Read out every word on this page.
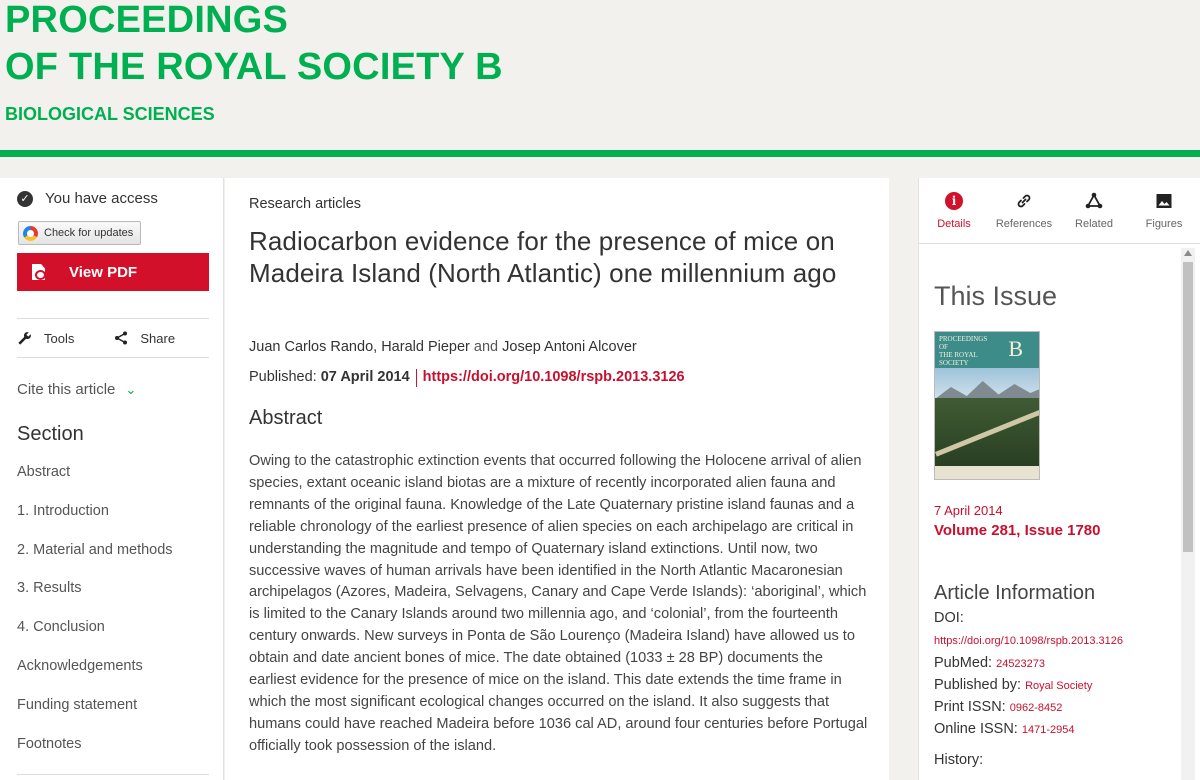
PROCEEDINGS
OF THE ROYAL SOCIETY B
BIOLOGICAL SCIENCES
✓ You have access
Check for updates
View PDF
Tools	Share
Cite this article ⌄
Section
Abstract
1. Introduction
2. Material and methods
3. Results
4. Conclusion
Acknowledgements
Funding statement
Footnotes
Research articles
Radiocarbon evidence for the presence of mice on Madeira Island (North Atlantic) one millennium ago
Juan Carlos Rando, Harald Pieper and Josep Antoni Alcover
Published: 07 April 2014 https://doi.org/10.1098/rspb.2013.3126
Abstract

Owing to the catastrophic extinction events that occurred following the Holocene arrival of alien species, extant oceanic island biotas are a mixture of recently incorporated alien fauna and remnants of the original fauna. Knowledge of the Late Quaternary pristine island faunas and a reliable chronology of the earliest presence of alien species on each archipelago are critical in understanding the magnitude and tempo of Quaternary island extinctions. Until now, two successive waves of human arrivals have been identified in the North Atlantic Macaronesian archipelagos (Azores, Madeira, Selvagens, Canary and Cape Verde Islands): ‘aboriginal’, which is limited to the Canary Islands around two millennia ago, and ‘colonial’, from the fourteenth century onwards. New surveys in Ponta de São Lourenço (Madeira Island) have allowed us to obtain and date ancient bones of mice. The date obtained (1033 ± 28 BP) documents the earliest evidence for the presence of mice on the island. This date extends the time frame in which the most significant ecological changes occurred on the island. It also suggests that humans could have reached Madeira before 1036 cal AD, around four centuries before Portugal officially took possession of the island.

i
Details References Related	Figures
This Issue
PROCEEDINGS
OF
THE ROYAL
SOCIETY
B
7 April 2014
Volume 281, Issue 1780
Article Information
DOI:
https://doi.org/10.1098/rspb.2013.3126
PubMed: 24523273
Published by: Royal Society
Print ISSN: 0962-8452
Online ISSN: 1471-2954
History:
